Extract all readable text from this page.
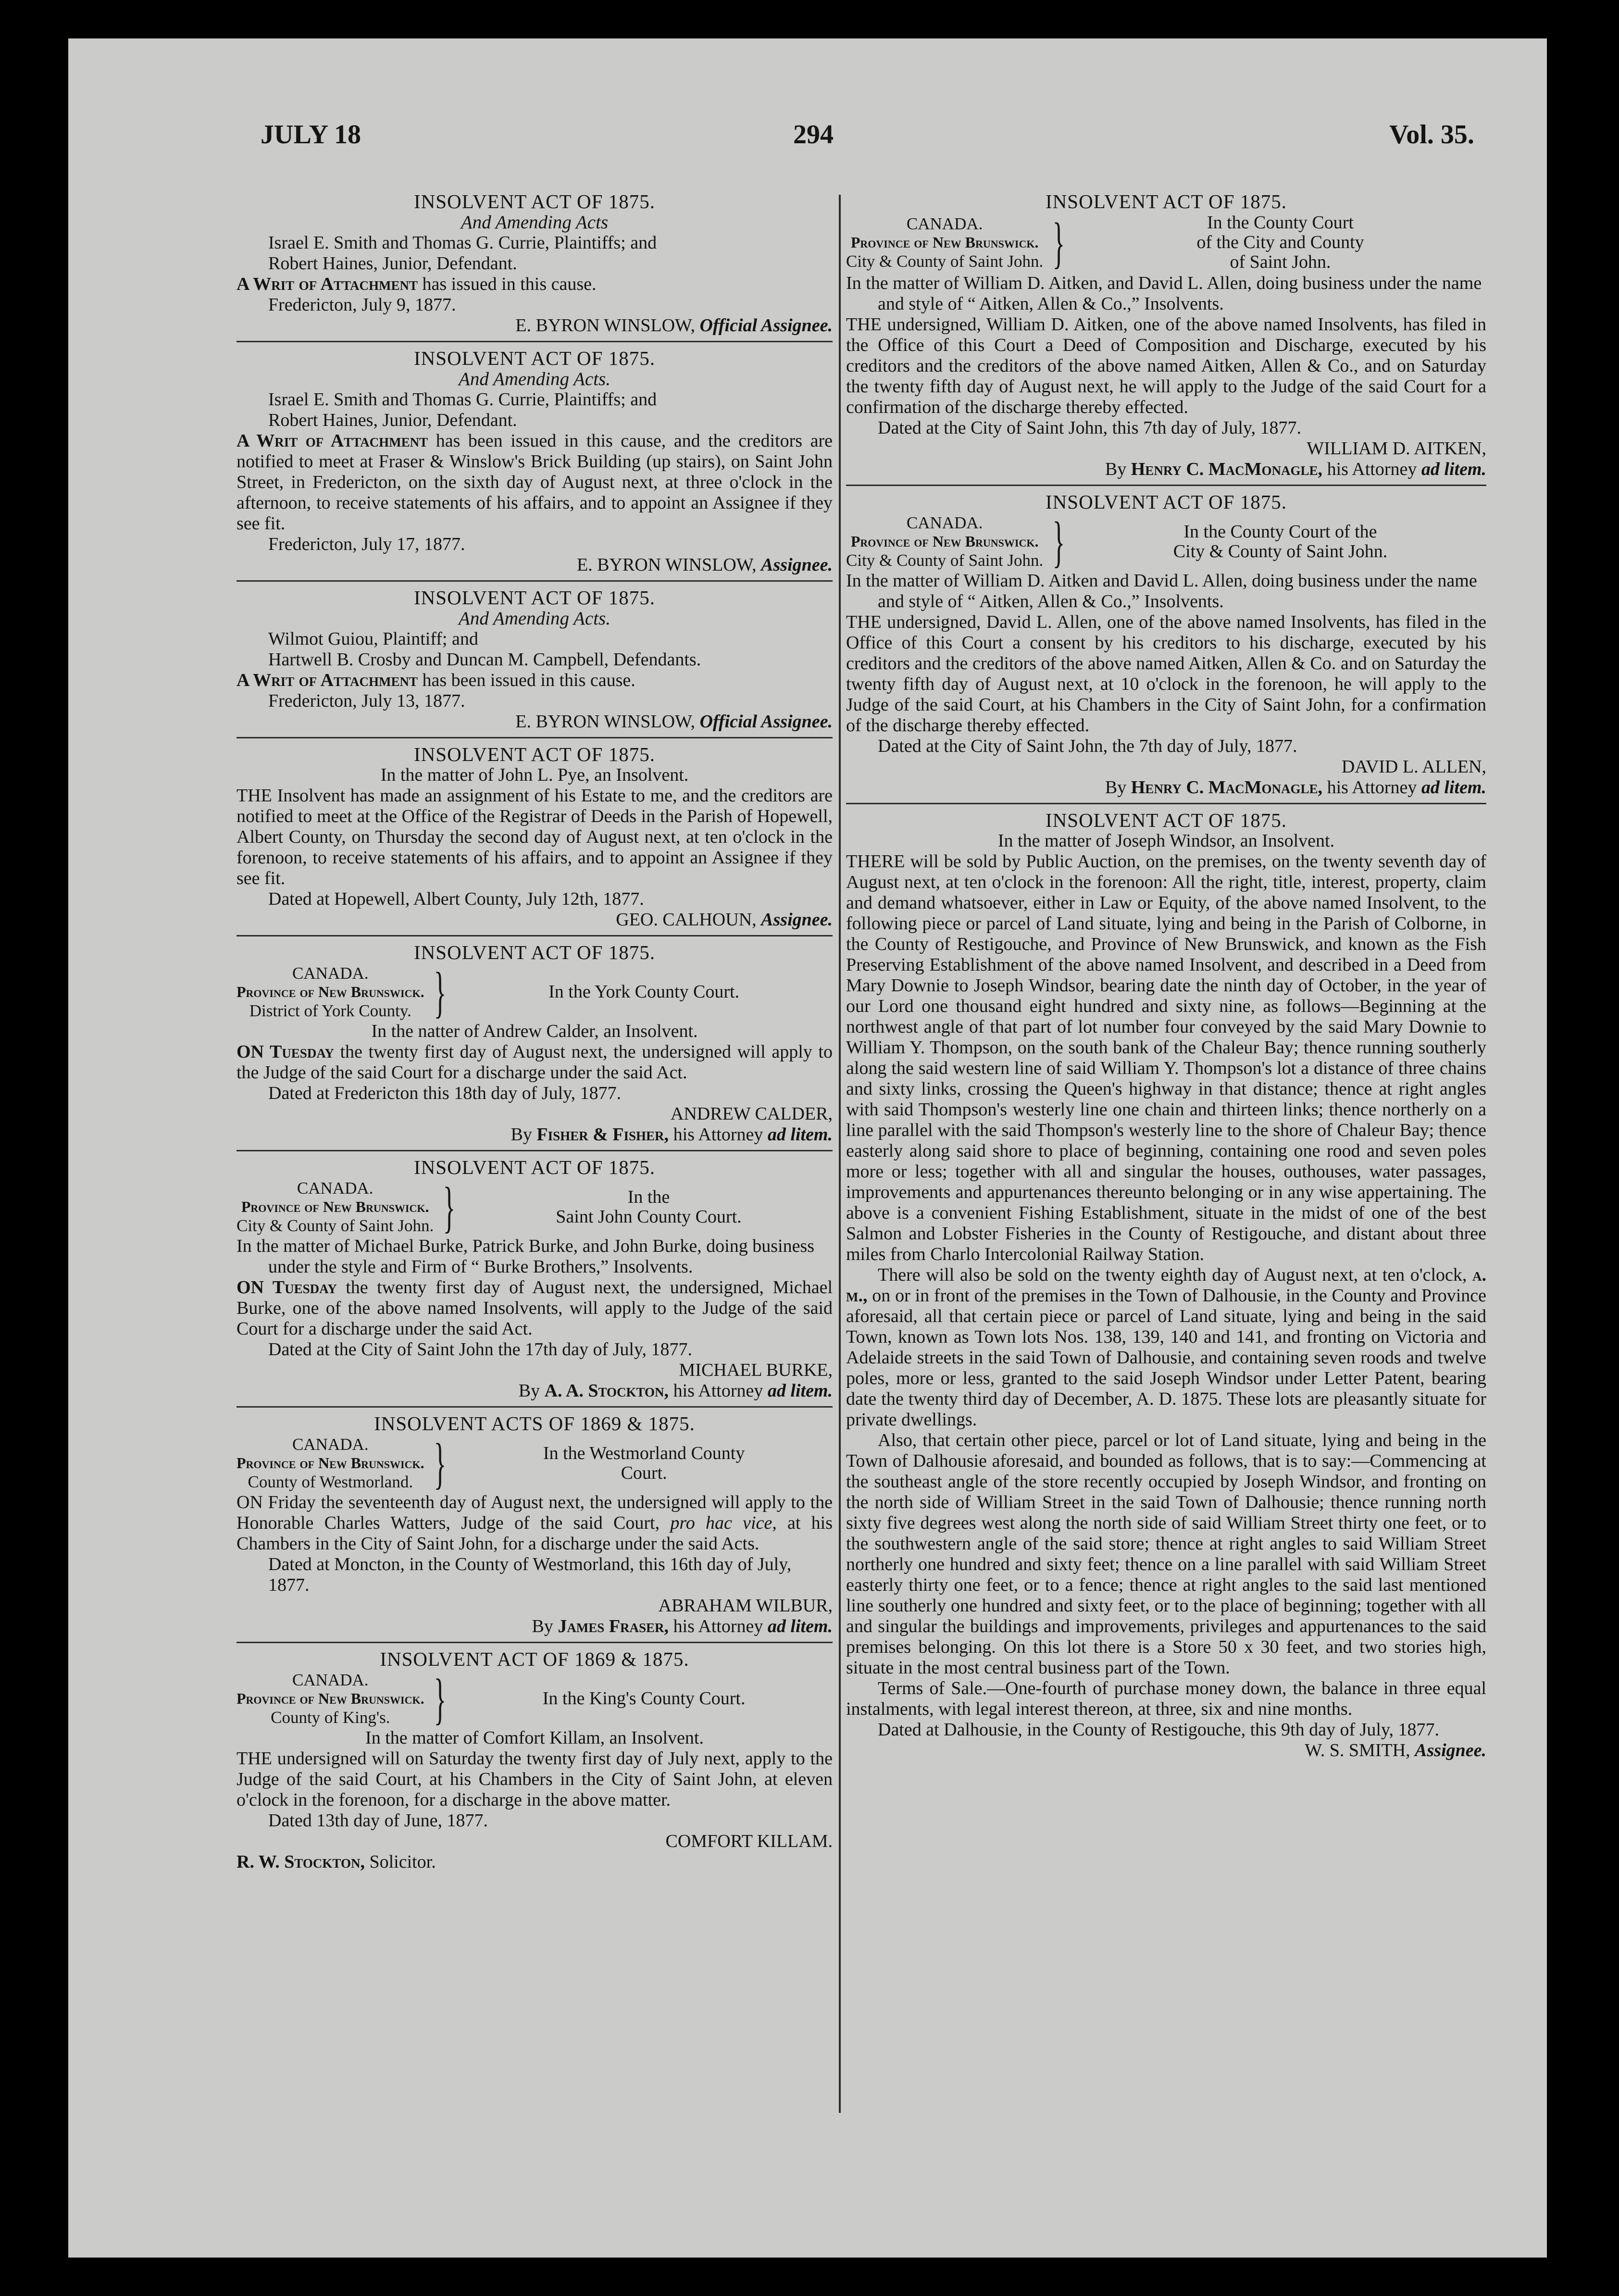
JULY 18	294	Vol. 35.

INSOLVENT ACT OF 1875.

And Amending Acts

Israel E. Smith and Thomas G. Currie, Plaintiffs; and

Robert Haines, Junior, Defendant.

A Writ of Attachment has issued in this cause.

Fredericton, July 9, 1877.

E. BYRON WINSLOW, Official Assignee.

INSOLVENT ACT OF 1875.

And Amending Acts.

Israel E. Smith and Thomas G. Currie, Plaintiffs; and

Robert Haines, Junior, Defendant.

A Writ of Attachment has been issued in this cause, and the creditors are notified to meet at Fraser & Winslow's Brick Building (up stairs), on Saint John Street, in Fredericton, on the sixth day of August next, at three o'clock in the afternoon, to receive statements of his affairs, and to appoint an Assignee if they see fit.

Fredericton, July 17, 1877.

E. BYRON WINSLOW, Assignee.

INSOLVENT ACT OF 1875.

And Amending Acts.

Wilmot Guiou, Plaintiff; and

Hartwell B. Crosby and Duncan M. Campbell, Defendants.

A Writ of Attachment has been issued in this cause.

Fredericton, July 13, 1877.

E. BYRON WINSLOW, Official Assignee.

INSOLVENT ACT OF 1875.

In the matter of John L. Pye, an Insolvent.

THE Insolvent has made an assignment of his Estate to me, and the creditors are notified to meet at the Office of the Registrar of Deeds in the Parish of Hopewell, Albert County, on Thursday the second day of August next, at ten o'clock in the forenoon, to receive statements of his affairs, and to appoint an Assignee if they see fit.

Dated at Hopewell, Albert County, July 12th, 1877.

GEO. CALHOUN, Assignee.

INSOLVENT ACT OF 1875.

CANADA.
Province of New Brunswick.
District of York County. }	In the York County Court.

In the natter of Andrew Calder, an Insolvent.

ON Tuesday the twenty first day of August next, the undersigned will apply to the Judge of the said Court for a discharge under the said Act.

Dated at Fredericton this 18th day of July, 1877.

ANDREW CALDER,

By Fisher & Fisher, his Attorney ad litem.

INSOLVENT ACT OF 1875.

CANADA.
Province of New Brunswick.
City & County of Saint John. }	In the
Saint John County Court.

In the matter of Michael Burke, Patrick Burke, and John Burke, doing business under the style and Firm of “ Burke Brothers,” Insolvents.

ON Tuesday the twenty first day of August next, the undersigned, Michael Burke, one of the above named Insolvents, will apply to the Judge of the said Court for a discharge under the said Act.

Dated at the City of Saint John the 17th day of July, 1877.

MICHAEL BURKE,

By A. A. Stockton, his Attorney ad litem.

INSOLVENT ACTS OF 1869 & 1875.

CANADA.
Province of New Brunswick.
County of Westmorland. }	In the Westmorland County
Court.

ON Friday the seventeenth day of August next, the undersigned will apply to the Honorable Charles Watters, Judge of the said Court, pro hac vice, at his Chambers in the City of Saint John, for a discharge under the said Acts.

Dated at Moncton, in the County of Westmorland, this 16th day of July, 1877.

ABRAHAM WILBUR,

By James Fraser, his Attorney ad litem.

INSOLVENT ACT OF 1869 & 1875.

CANADA.
Province of New Brunswick.
County of King's. }	In the King's County Court.

In the matter of Comfort Killam, an Insolvent.

THE undersigned will on Saturday the twenty first day of July next, apply to the Judge of the said Court, at his Chambers in the City of Saint John, at eleven o'clock in the forenoon, for a discharge in the above matter.

Dated 13th day of June, 1877.

COMFORT KILLAM.

R. W. Stockton, Solicitor.

INSOLVENT ACT OF 1875.

CANADA.
Province of New Brunswick.
City & County of Saint John. }	In the County Court
of the City and County
of Saint John.

In the matter of William D. Aitken, and David L. Allen, doing business under the name and style of “ Aitken, Allen & Co.,” Insolvents.

THE undersigned, William D. Aitken, one of the above named Insolvents, has filed in the Office of this Court a Deed of Composition and Discharge, executed by his creditors and the creditors of the above named Aitken, Allen & Co., and on Saturday the twenty fifth day of August next, he will apply to the Judge of the said Court for a confirmation of the discharge thereby effected.

Dated at the City of Saint John, this 7th day of July, 1877.

WILLIAM D. AITKEN,

By Henry C. MacMonagle, his Attorney ad litem.

INSOLVENT ACT OF 1875.

CANADA.
Province of New Brunswick.
City & County of Saint John. }	In the County Court of the
City & County of Saint John.

In the matter of William D. Aitken and David L. Allen, doing business under the name and style of “ Aitken, Allen & Co.,” Insolvents.

THE undersigned, David L. Allen, one of the above named Insolvents, has filed in the Office of this Court a consent by his creditors to his discharge, executed by his creditors and the creditors of the above named Aitken, Allen & Co. and on Saturday the twenty fifth day of August next, at 10 o'clock in the forenoon, he will apply to the Judge of the said Court, at his Chambers in the City of Saint John, for a confirmation of the discharge thereby effected.

Dated at the City of Saint John, the 7th day of July, 1877.

DAVID L. ALLEN,

By Henry C. MacMonagle, his Attorney ad litem.

INSOLVENT ACT OF 1875.

In the matter of Joseph Windsor, an Insolvent.

THERE will be sold by Public Auction, on the premises, on the twenty seventh day of August next, at ten o'clock in the forenoon: All the right, title, interest, property, claim and demand whatsoever, either in Law or Equity, of the above named Insolvent, to the following piece or parcel of Land situate, lying and being in the Parish of Colborne, in the County of Restigouche, and Province of New Brunswick, and known as the Fish Preserving Establishment of the above named Insolvent, and described in a Deed from Mary Downie to Joseph Windsor, bearing date the ninth day of October, in the year of our Lord one thousand eight hundred and sixty nine, as follows—Beginning at the northwest angle of that part of lot number four conveyed by the said Mary Downie to William Y. Thompson, on the south bank of the Chaleur Bay; thence running southerly along the said western line of said William Y. Thompson's lot a distance of three chains and sixty links, crossing the Queen's highway in that distance; thence at right angles with said Thompson's westerly line one chain and thirteen links; thence northerly on a line parallel with the said Thompson's westerly line to the shore of Chaleur Bay; thence easterly along said shore to place of beginning, containing one rood and seven poles more or less; together with all and singular the houses, outhouses, water passages, improvements and appurtenances thereunto belonging or in any wise appertaining. The above is a convenient Fishing Establishment, situate in the midst of one of the best Salmon and Lobster Fisheries in the County of Restigouche, and distant about three miles from Charlo Intercolonial Railway Station.

There will also be sold on the twenty eighth day of August next, at ten o'clock, a. m., on or in front of the premises in the Town of Dalhousie, in the County and Province aforesaid, all that certain piece or parcel of Land situate, lying and being in the said Town, known as Town lots Nos. 138, 139, 140 and 141, and fronting on Victoria and Adelaide streets in the said Town of Dalhousie, and containing seven roods and twelve poles, more or less, granted to the said Joseph Windsor under Letter Patent, bearing date the twenty third day of December, A. D. 1875. These lots are pleasantly situate for private dwellings.

Also, that certain other piece, parcel or lot of Land situate, lying and being in the Town of Dalhousie aforesaid, and bounded as follows, that is to say:—Commencing at the southeast angle of the store recently occupied by Joseph Windsor, and fronting on the north side of William Street in the said Town of Dalhousie; thence running north sixty five degrees west along the north side of said William Street thirty one feet, or to the southwestern angle of the said store; thence at right angles to said William Street northerly one hundred and sixty feet; thence on a line parallel with said William Street easterly thirty one feet, or to a fence; thence at right angles to the said last mentioned line southerly one hundred and sixty feet, or to the place of beginning; together with all and singular the buildings and improvements, privileges and appurtenances to the said premises belonging. On this lot there is a Store 50 x 30 feet, and two stories high, situate in the most central business part of the Town.

Terms of Sale.—One-fourth of purchase money down, the balance in three equal instalments, with legal interest thereon, at three, six and nine months.

Dated at Dalhousie, in the County of Restigouche, this 9th day of July, 1877.

W. S. SMITH, Assignee.
